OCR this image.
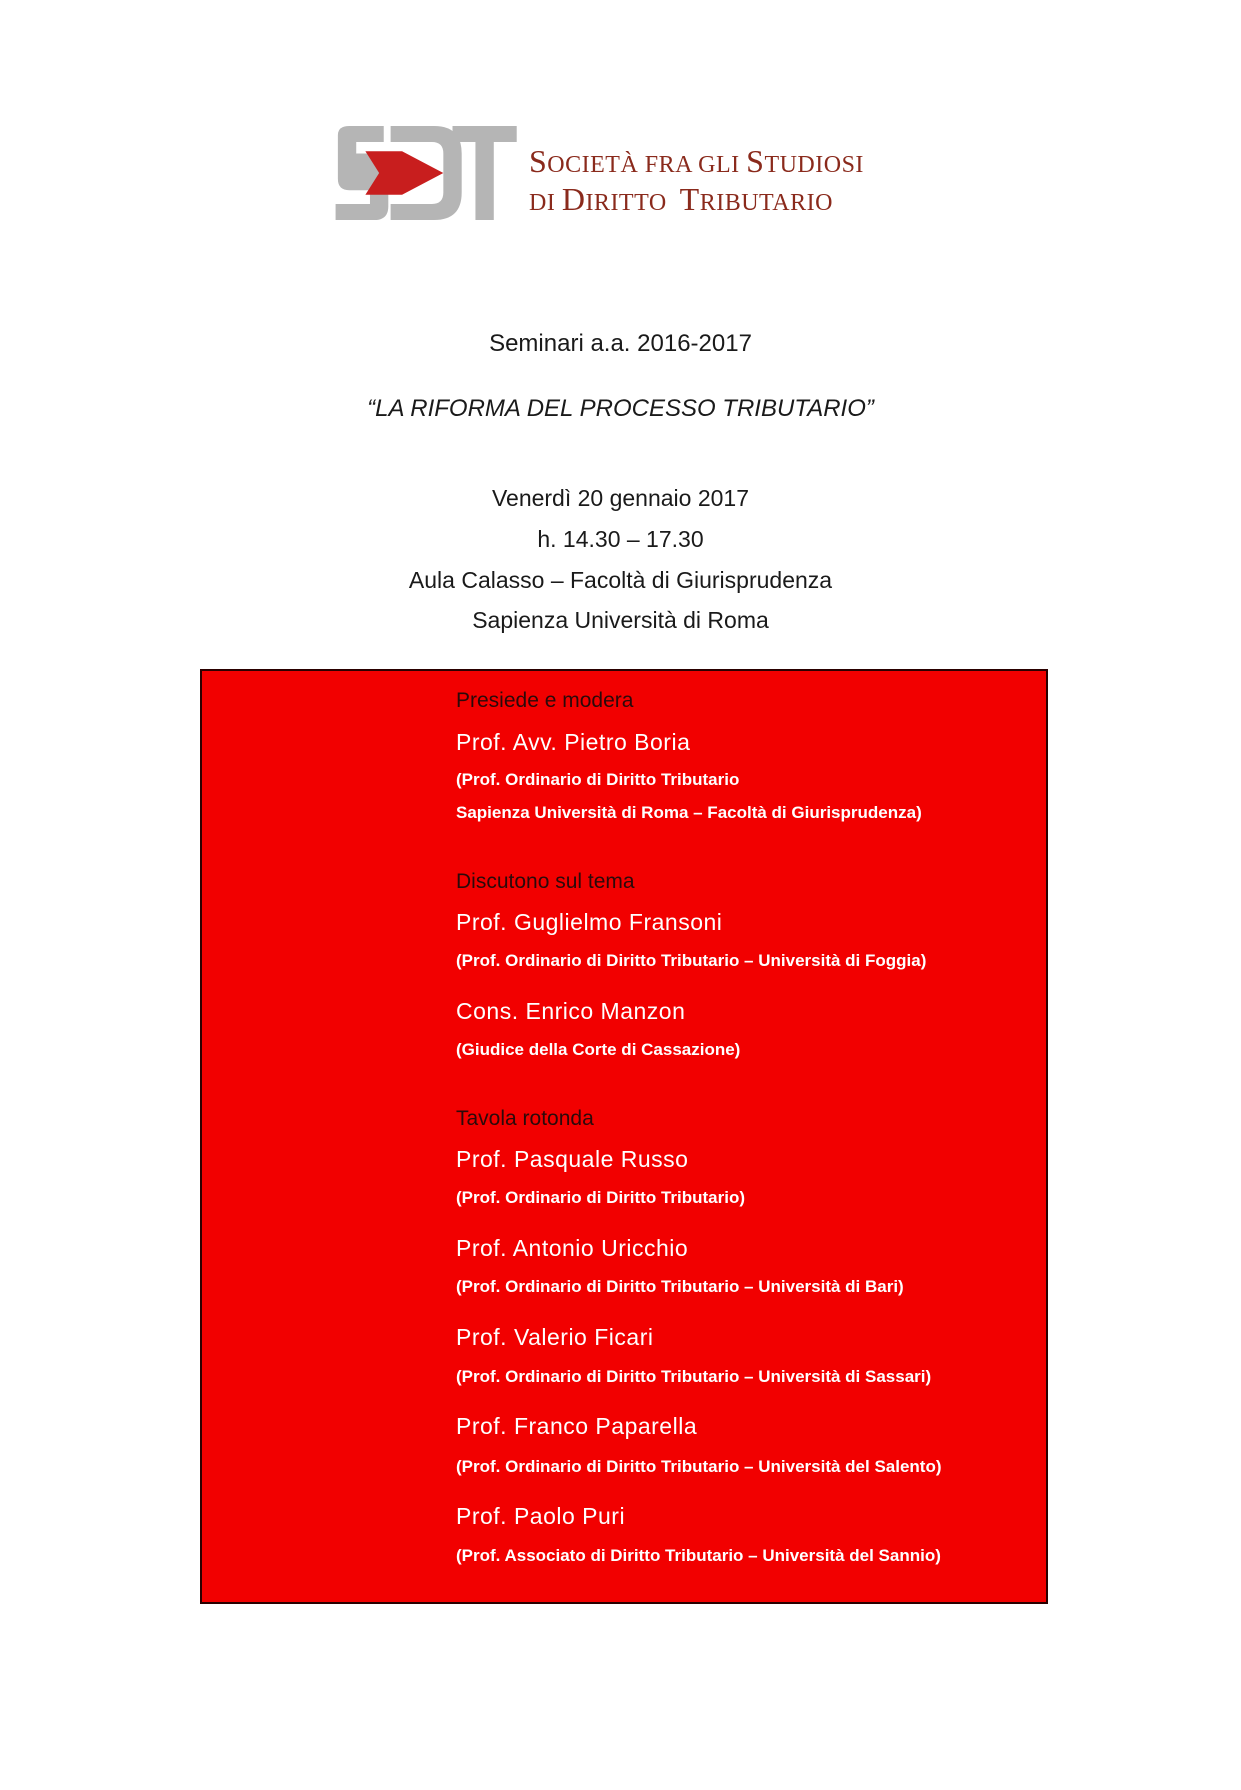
SOCIETÀ FRA GLI STUDIOSI
DI DIRITTO  TRIBUTARIO
Seminari a.a. 2016-2017
“LA RIFORMA DEL PROCESSO TRIBUTARIO”
Venerdì 20 gennaio 2017
h. 14.30 – 17.30
Aula Calasso – Facoltà di Giurisprudenza
Sapienza Università di Roma
Presiede e modera
Prof. Avv. Pietro Boria
(Prof. Ordinario di Diritto Tributario
Sapienza Università di Roma – Facoltà di Giurisprudenza)
Discutono sul tema
Prof. Guglielmo Fransoni
(Prof. Ordinario di Diritto Tributario – Università di Foggia)
Cons. Enrico Manzon
(Giudice della Corte di Cassazione)
Tavola rotonda
Prof. Pasquale Russo
(Prof. Ordinario di Diritto Tributario)
Prof. Antonio Uricchio
(Prof. Ordinario di Diritto Tributario – Università di Bari)
Prof. Valerio Ficari
(Prof. Ordinario di Diritto Tributario – Università di Sassari)
Prof. Franco Paparella
(Prof. Ordinario di Diritto Tributario – Università del Salento)
Prof. Paolo Puri
(Prof. Associato di Diritto Tributario – Università del Sannio)
